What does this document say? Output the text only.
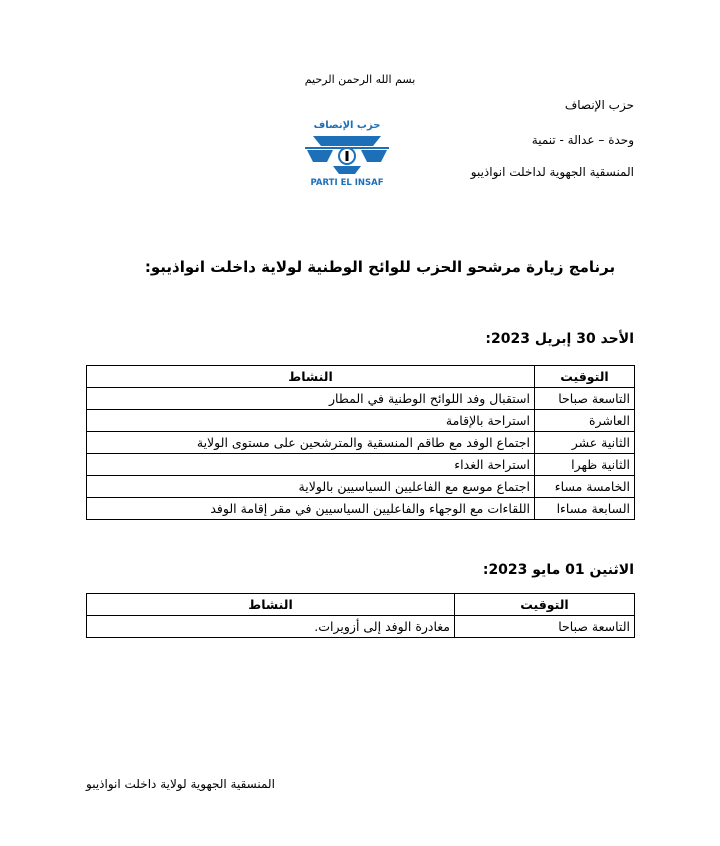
بسم الله الرحمن الرحيم
حزب الإنصاف
وحدة – عدالة - تنمية
المنسقية الجهوية لداخلت انواذيبو
حزب الإنصاف
PARTI EL INSAF
برنامج زيارة مرشحو الحزب للوائح الوطنية لولاية داخلت انواذيبو:
الأحد 30 إبريل 2023:
التوقيت	النشاط
التاسعة صباحا	استقبال وفد اللوائح الوطنية في المطار
العاشرة	استراحة بالإقامة
الثانية عشر	اجتماع الوفد مع طاقم المنسقية والمترشحين على مستوى الولاية
الثانية ظهرا	استراحة الغداء
الخامسة مساء	اجتماع موسع مع الفاعليين السياسيين بالولاية
السابعة مساءا	اللقاءات مع الوجهاء والفاعليين السياسيين في مقر إقامة الوفد
الاثنين 01 مايو 2023:
التوقيت	النشاط
التاسعة صباحا	مغادرة الوفد إلى أزويرات.
المنسقية الجهوية لولاية داخلت انواذيبو
